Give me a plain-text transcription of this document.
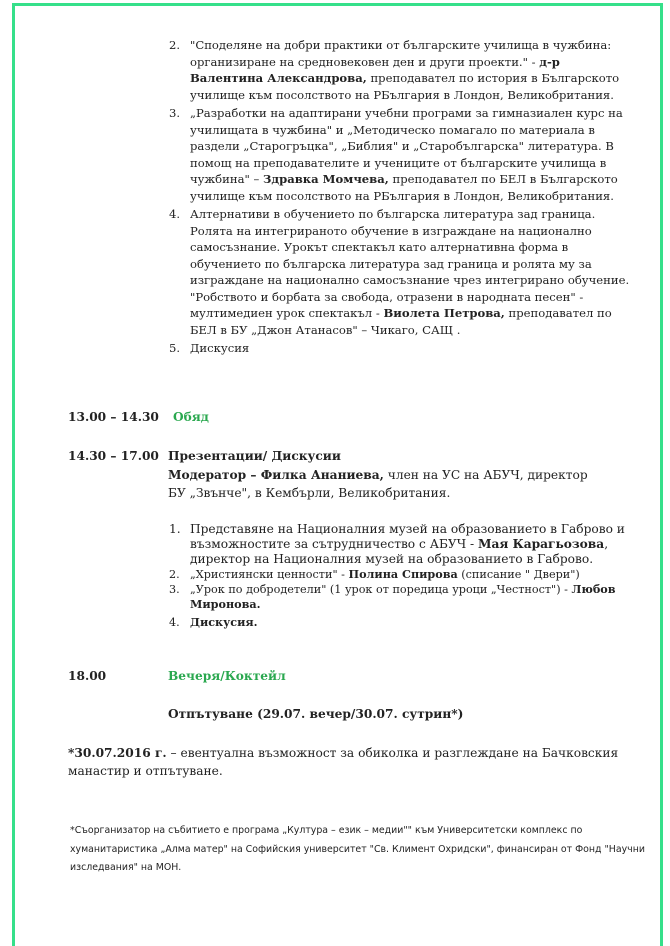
2. "Споделяне на добри практики от българските училища в чужбина: организиране на средновековен ден и други проекти." - д-р Валентина Александрова, преподавател по история в Българското училище към посолството на РБългария в Лондон, Великобритания.
3. „Разработки на адаптирани учебни програми за гимназиален курс на училищата в чужбина" и „Методическо помагало по материала в раздели „Старогръцка", „Библия" и „Старобългарска" литература. В помощ на преподавателите и учениците от българските училища в чужбина" – Здравка Момчева, преподавател по БЕЛ в Българското училище към посолството на РБългария в Лондон, Великобритания.
4. Алтернативи в обучението по българска литература зад граница. Ролята на интегрираното обучение в изграждане на национално самосъзнание. Урокът спектакъл като алтернативна форма в обучението по българска литература зад граница и ролята му за изграждане на национално самосъзнание чрез интегрирано обучение. "Робството и борбата за свобода, отразени в народната песен" - мултимедиен урок спектакъл - Виолета Петрова, преподавател по БЕЛ в БУ „Джон Атанасов" – Чикаго, САЩ .
5. Дискусия
13.00 – 14.30 Обяд
14.30 – 17.00 Презентации/ Дискусии
Модератор – Филка Ананиева, член на УС на АБУЧ, директор БУ „Звънче", в Кембърли, Великобритания.
1. Представяне на Националния музей на образованието в Габрово и възможностите за сътрудничество с АБУЧ - Мая Карагьозова, директор на Националния музей на образованието в Габрово.
2. „Християнски ценности" - Полина Спирова (списание " Двери")
3. „Урок по добродетели" (1 урок от поредица уроци „Честност") - Любов Миронова.
4. Дискусия.
18.00	Вечеря/Коктейл
Отпътуване (29.07. вечер/30.07. сутрин*)
*30.07.2016 г. – евентуална възможност за обиколка и разглеждане на Бачковския манастир и отпътуване.
*Съорганизатор на събитието е програма „Култура – език – медии"" към Университетски комплекс по хуманитаристика „Алма матер" на Софийския университет "Св. Климент Охридски", финансиран от Фонд "Научни изследвания" на МОН.
